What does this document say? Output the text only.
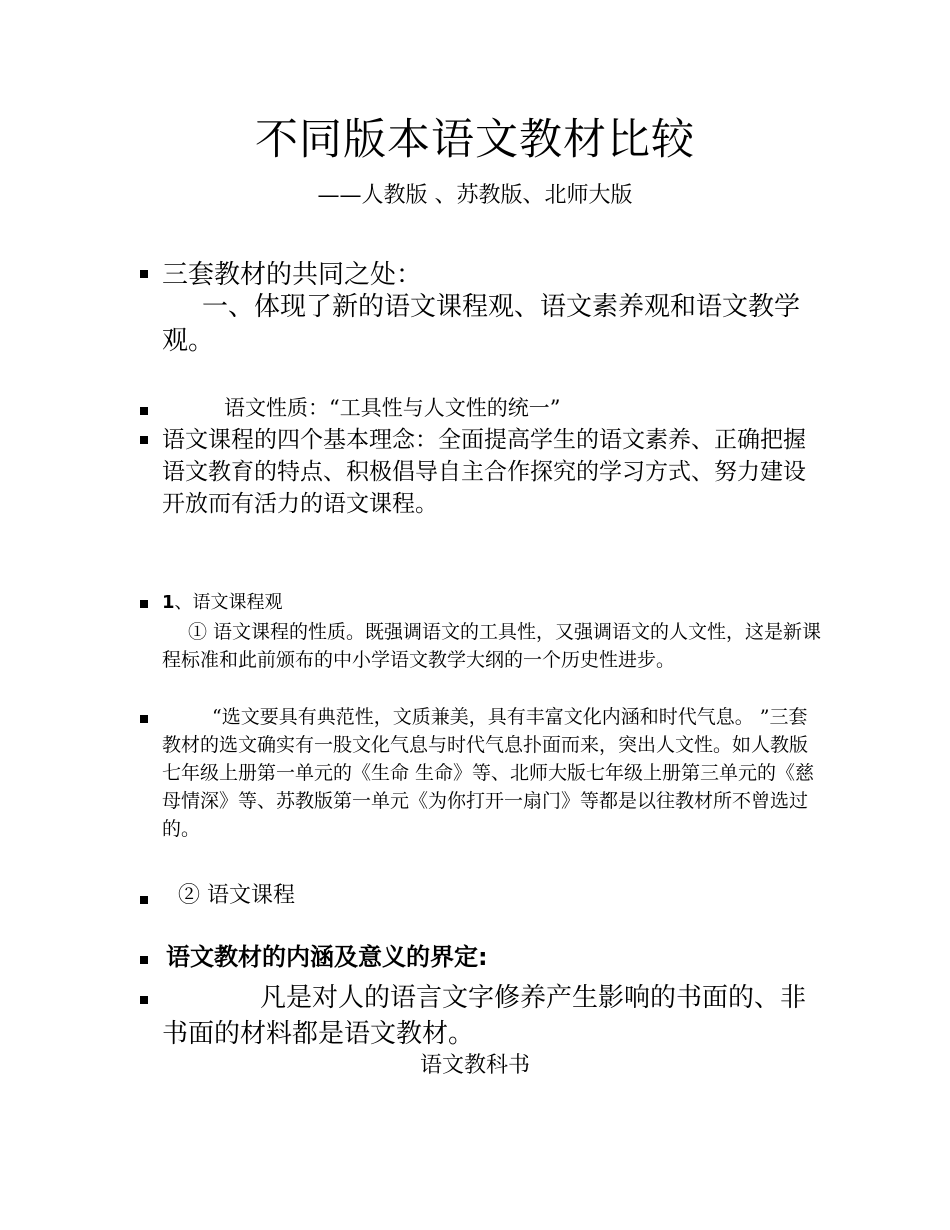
不同版本语文教材比较
——人教版 、苏教版、北师大版
三套教材的共同之处：
一、体现了新的语文课程观、语文素养观和语文教学观。
语文性质：“工具性与人文性的统一”
语文课程的四个基本理念：全面提高学生的语文素养、正确把握语文教育的特点、积极倡导自主合作探究的学习方式、努力建设开放而有活力的语文课程。
1、语文课程观
① 语文课程的性质。既强调语文的工具性，又强调语文的人文性，这是新课程标准和此前颁布的中小学语文教学大纲的一个历史性进步。
“选文要具有典范性，文质兼美，具有丰富文化内涵和时代气息。 ”三套教材的选文确实有一股文化气息与时代气息扑面而来，突出人文性。如人教版七年级上册第一单元的《生命 生命》等、北师大版七年级上册第三单元的《慈母情深》等、苏教版第一单元《为你打开一扇门》等都是以往教材所不曾选过的。
② 语文课程
语文教材的内涵及意义的界定:
凡是对人的语言文字修养产生影响的书面的、非书面的材料都是语文教材。
语文教科书
